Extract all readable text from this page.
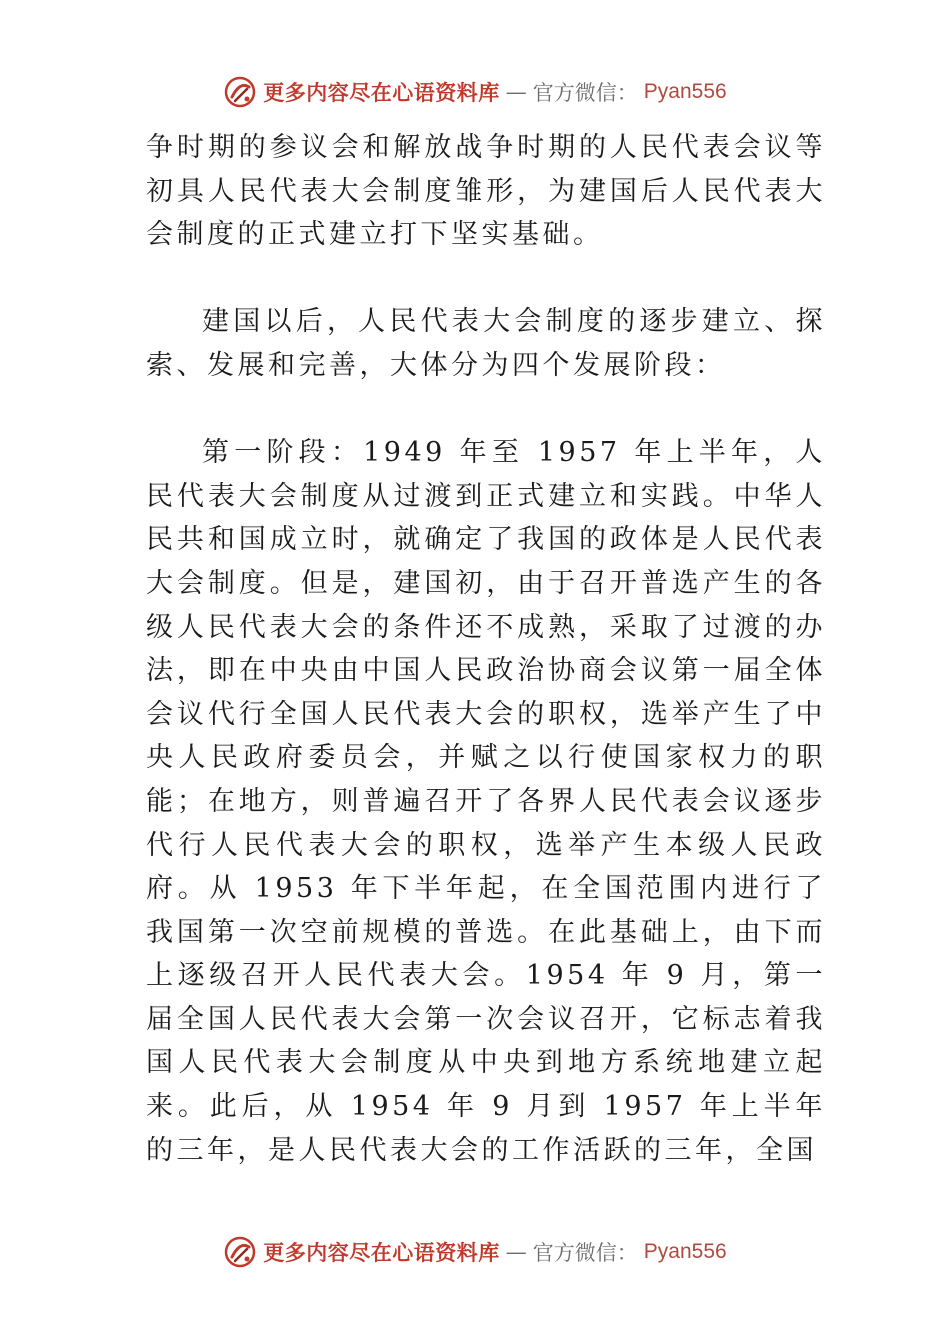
更多内容尽在心语资料库 — 官方微信： Pyan556

争时期的参议会和解放战争时期的人民代表会议等初具人民代表大会制度雏形，为建国后人民代表大会制度的正式建立打下坚实基础。

建国以后，人民代表大会制度的逐步建立、探索、发展和完善，大体分为四个发展阶段：

第一阶段：1949 年至 1957 年上半年，人民代表大会制度从过渡到正式建立和实践。中华人民共和国成立时，就确定了我国的政体是人民代表大会制度。但是，建国初，由于召开普选产生的各级人民代表大会的条件还不成熟，采取了过渡的办法，即在中央由中国人民政治协商会议第一届全体会议代行全国人民代表大会的职权，选举产生了中央人民政府委员会，并赋之以行使国家权力的职能；在地方，则普遍召开了各界人民代表会议逐步代行人民代表大会的职权，选举产生本级人民政府。从 1953 年下半年起，在全国范围内进行了我国第一次空前规模的普选。在此基础上，由下而上逐级召开人民代表大会。1954 年 9 月，第一届全国人民代表大会第一次会议召开，它标志着我国人民代表大会制度从中央到地方系统地建立起来。此后，从 1954 年 9 月到 1957 年上半年的三年，是人民代表大会的工作活跃的三年，全国

更多内容尽在心语资料库 — 官方微信： Pyan556
